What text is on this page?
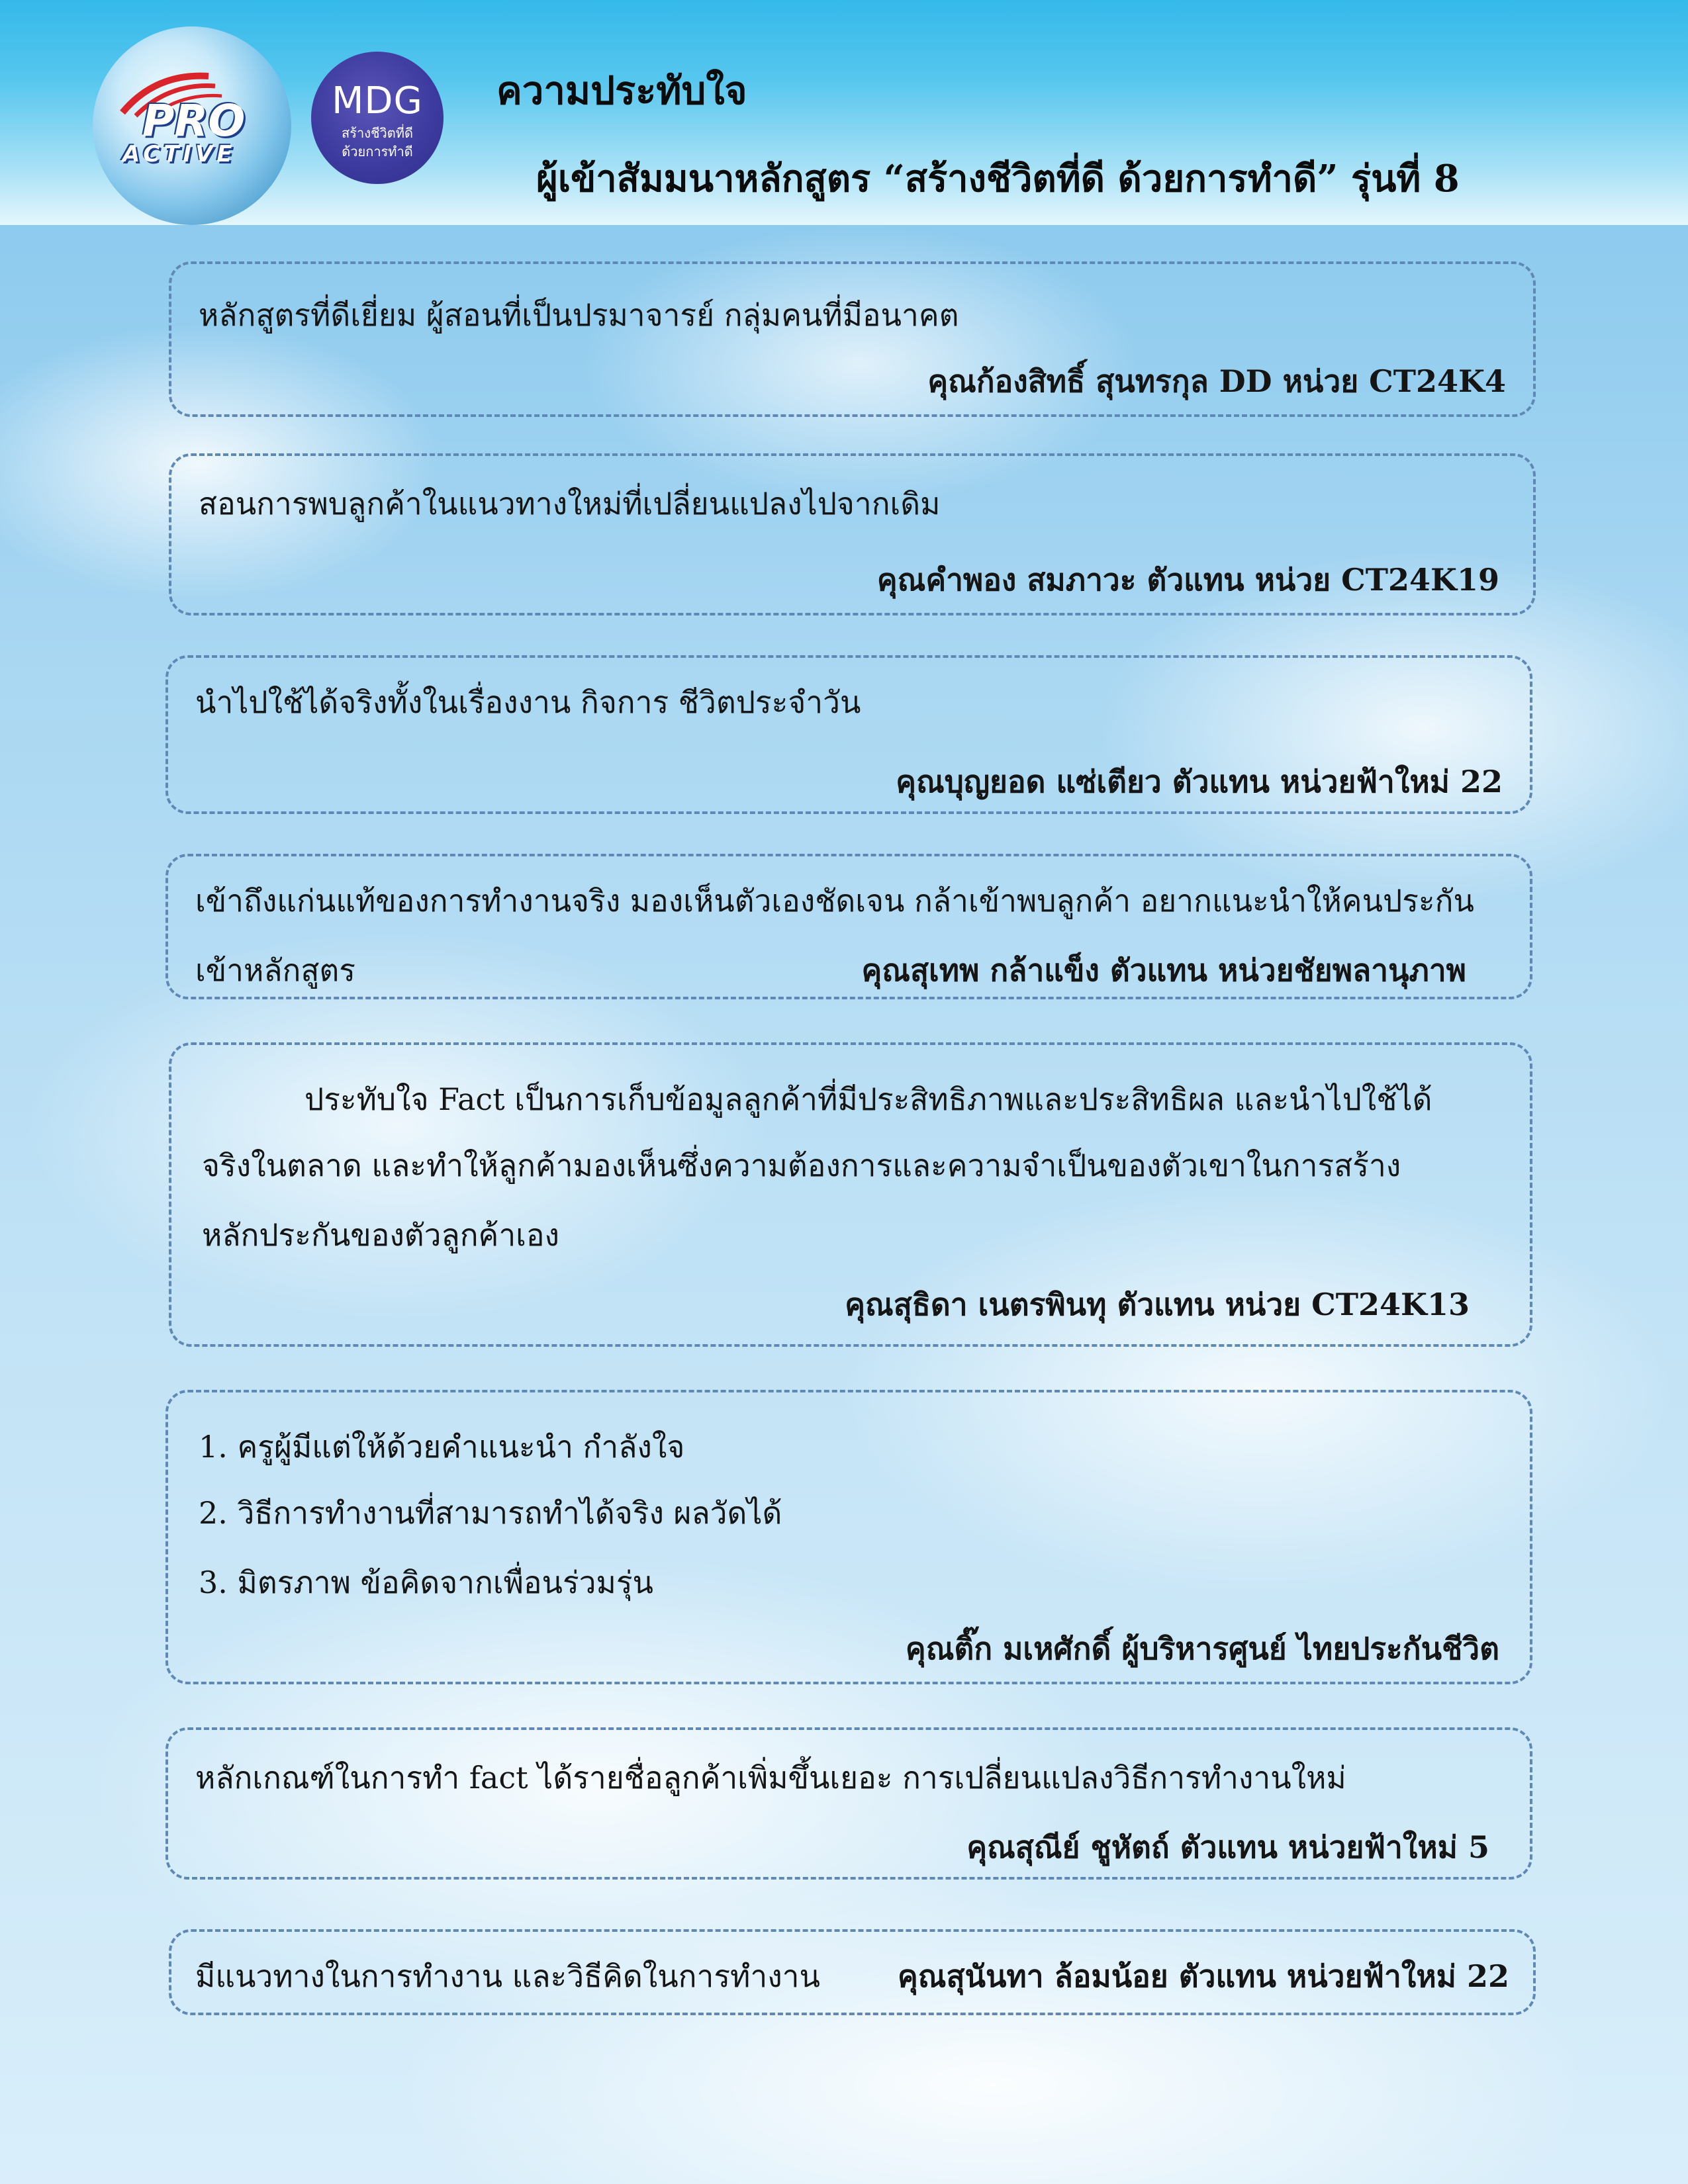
PRO
ACTIVE
MDG
สร้างชีวิตที่ดี
ด้วยการทำดี
ความประทับใจ
ผู้เข้าสัมมนาหลักสูตร “สร้างชีวิตที่ดี ด้วยการทำดี” รุ่นที่ 8
หลักสูตรที่ดีเยี่ยม ผู้สอนที่เป็นปรมาจารย์ กลุ่มคนที่มีอนาคต
คุณก้องสิทธิ์ สุนทรกุล DD หน่วย CT24K4
สอนการพบลูกค้าในแนวทางใหม่ที่เปลี่ยนแปลงไปจากเดิม
คุณคำพอง สมภาวะ ตัวแทน หน่วย CT24K19
นำไปใช้ได้จริงทั้งในเรื่องงาน กิจการ ชีวิตประจำวัน
คุณบุญยอด แซ่เตียว ตัวแทน หน่วยฟ้าใหม่ 22
เข้าถึงแก่นแท้ของการทำงานจริง มองเห็นตัวเองชัดเจน กล้าเข้าพบลูกค้า อยากแนะนำให้คนประกัน
เข้าหลักสูตร	คุณสุเทพ กล้าแข็ง ตัวแทน หน่วยชัยพลานุภาพ
ประทับใจ Fact เป็นการเก็บข้อมูลลูกค้าที่มีประสิทธิภาพและประสิทธิผล และนำไปใช้ได้
จริงในตลาด และทำให้ลูกค้ามองเห็นซึ่งความต้องการและความจำเป็นของตัวเขาในการสร้าง
หลักประกันของตัวลูกค้าเอง
คุณสุธิดา เนตรพินทุ ตัวแทน หน่วย CT24K13
1. ครูผู้มีแต่ให้ด้วยคำแนะนำ กำลังใจ
2. วิธีการทำงานที่สามารถทำได้จริง ผลวัดได้
3. มิตรภาพ ข้อคิดจากเพื่อนร่วมรุ่น
คุณติ๊ก มเหศักดิ์ ผู้บริหารศูนย์ ไทยประกันชีวิต
หลักเกณฑ์ในการทำ fact ได้รายชื่อลูกค้าเพิ่มขึ้นเยอะ การเปลี่ยนแปลงวิธีการทำงานใหม่
คุณสุณีย์ ชูหัตถ์ ตัวแทน หน่วยฟ้าใหม่ 5
มีแนวทางในการทำงาน และวิธีคิดในการทำงาน	คุณสุนันทา ล้อมน้อย ตัวแทน หน่วยฟ้าใหม่ 22
